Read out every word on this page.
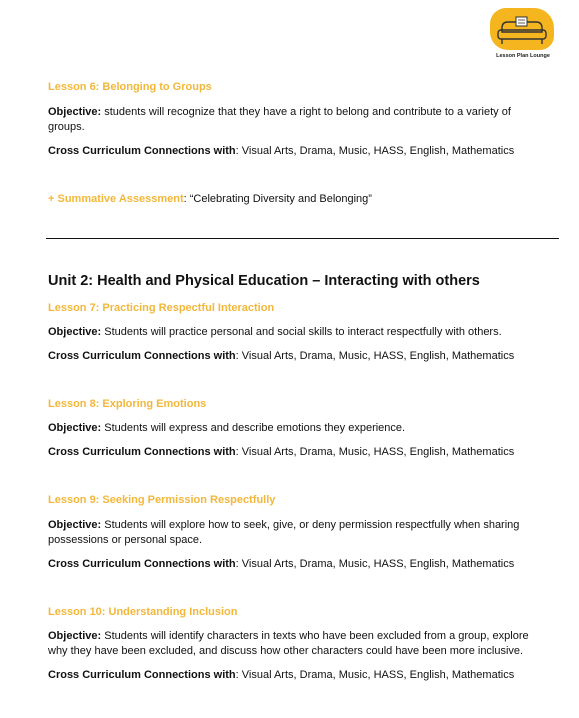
Lesson Plan Lounge
Lesson 6: Belonging to Groups
Objective: students will recognize that they have a right to belong and contribute to a variety of
groups.
Cross Curriculum Connections with: Visual Arts, Drama, Music, HASS, English, Mathematics
+ Summative Assessment: “Celebrating Diversity and Belonging”
Unit 2: Health and Physical Education – Interacting with others
Lesson 7: Practicing Respectful Interaction
Objective: Students will practice personal and social skills to interact respectfully with others.
Cross Curriculum Connections with: Visual Arts, Drama, Music, HASS, English, Mathematics
Lesson 8: Exploring Emotions
Objective: Students will express and describe emotions they experience.
Cross Curriculum Connections with: Visual Arts, Drama, Music, HASS, English, Mathematics
Lesson 9: Seeking Permission Respectfully
Objective: Students will explore how to seek, give, or deny permission respectfully when sharing
possessions or personal space.
Cross Curriculum Connections with: Visual Arts, Drama, Music, HASS, English, Mathematics
Lesson 10: Understanding Inclusion
Objective: Students will identify characters in texts who have been excluded from a group, explore
why they have been excluded, and discuss how other characters could have been more inclusive.
Cross Curriculum Connections with: Visual Arts, Drama, Music, HASS, English, Mathematics
